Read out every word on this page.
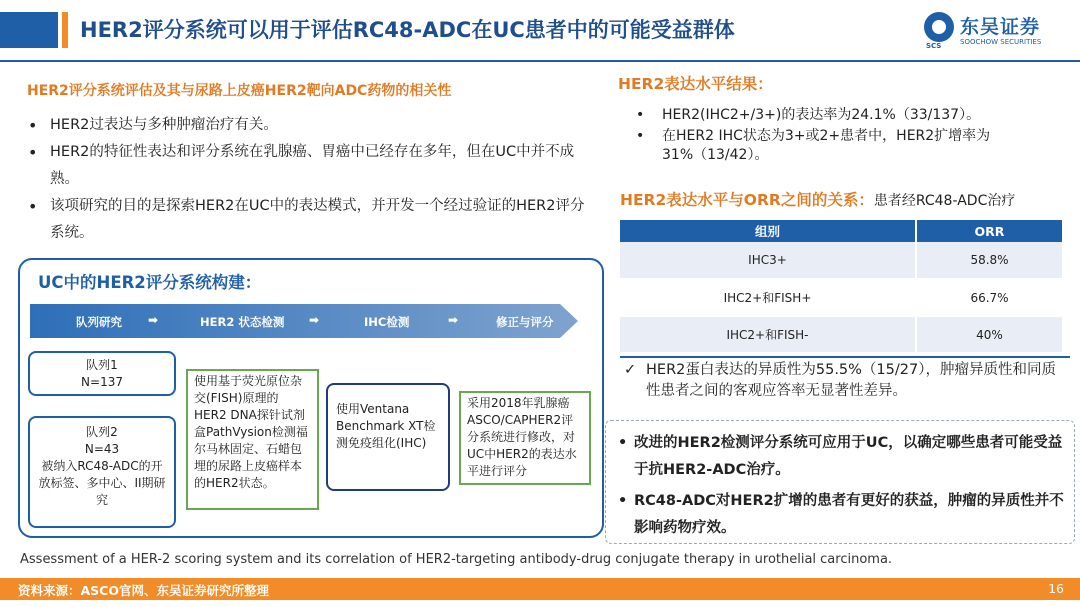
HER2评分系统可以用于评估RC48-ADC在UC患者中的可能受益群体	东吴证券
SOOCHOW SECURITIES
SCS
HER2评分系统评估及其与尿路上皮癌HER2靶向ADC药物的相关性
• HER2过表达与多种肿瘤治疗有关。
• HER2的特征性表达和评分系统在乳腺癌、胃癌中已经存在多年，但在UC中并不成熟。
• 该项研究的目的是探索HER2在UC中的表达模式，并开发一个经过验证的HER2评分系统。
UC中的HER2评分系统构建：
队列研究 ➡	HER2 状态检测 ➡	IHC检测	➡	修正与评分
队列1
N=137
队列2
N=43
被纳入RC48-ADC的开放标签、多中心、II期研究
使用基于荧光原位杂交(FISH)原理的HER2 DNA探针试剂盒PathVysion检测福尔马林固定、石蜡包埋的尿路上皮癌样本的HER2状态。
使用Ventana Benchmark XT检测免疫组化(IHC)
采用2018年乳腺癌ASCO/CAPHER2评分系统进行修改，对UC中HER2的表达水平进行评分
HER2表达水平结果：
• HER2(IHC2+/3+)的表达率为24.1%（33/137）。
• 在HER2 IHC状态为3+或2+患者中，HER2扩增率为31%（13/42）。
HER2表达水平与ORR之间的关系：患者经RC48-ADC治疗
组别	ORR
IHC3+	58.8%
IHC2+和FISH+	66.7%
IHC2+和FISH-	40%
✓ HER2蛋白表达的异质性为55.5%（15/27），肿瘤异质性和同质性患者之间的客观应答率无显著性差异。
• 改进的HER2检测评分系统可应用于UC，以确定哪些患者可能受益于抗HER2-ADC治疗。
• RC48-ADC对HER2扩增的患者有更好的获益，肿瘤的异质性并不影响药物疗效。
Assessment of a HER-2 scoring system and its correlation of HER2-targeting antibody-drug conjugate therapy in urothelial carcinoma.
资料来源：ASCO官网、东吴证券研究所整理	16
